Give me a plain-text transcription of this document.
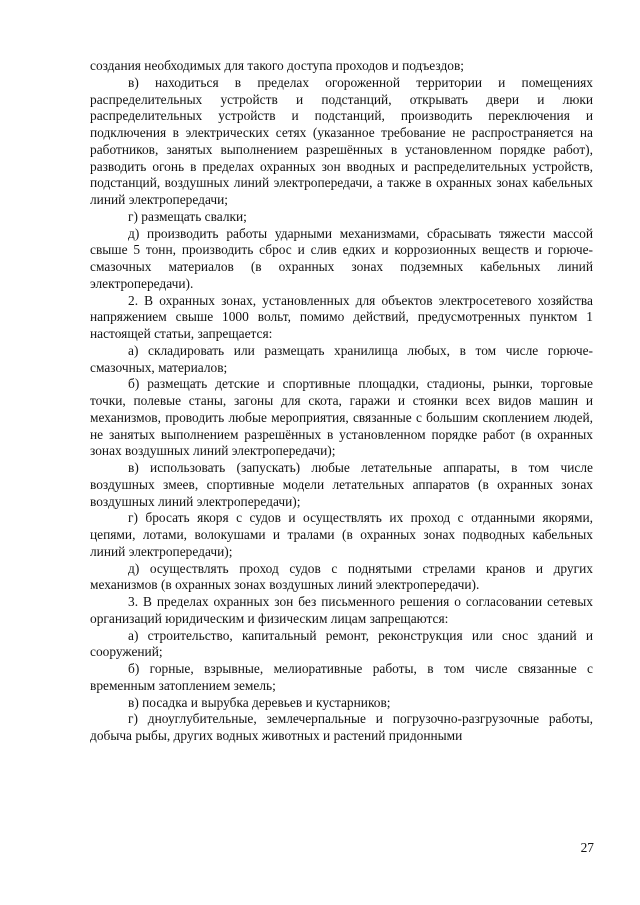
создания необходимых для такого доступа проходов и подъездов;

в) находиться в пределах огороженной территории и помещениях распределительных устройств и подстанций, открывать двери и люки распределительных устройств и подстанций, производить переключения и подключения в электрических сетях (указанное требование не распространяется на работников, занятых выполнением разрешённых в установленном порядке работ), разводить огонь в пределах охранных зон вводных и распределительных устройств, подстанций, воздушных линий электропередачи, а также в охранных зонах кабельных линий электропередачи;

г) размещать свалки;

д) производить работы ударными механизмами, сбрасывать тяжести массой свыше 5 тонн, производить сброс и слив едких и коррозионных веществ и горюче-смазочных материалов (в охранных зонах подземных кабельных линий электропередачи).

2. В охранных зонах, установленных для объектов электросетевого хозяйства напряжением свыше 1000 вольт, помимо действий, предусмотренных пунктом 1 настоящей статьи, запрещается:

а) складировать или размещать хранилища любых, в том числе горюче-смазочных, материалов;

б) размещать детские и спортивные площадки, стадионы, рынки, торговые точки, полевые станы, загоны для скота, гаражи и стоянки всех видов машин и механизмов, проводить любые мероприятия, связанные с большим скоплением людей, не занятых выполнением разрешённых в установленном порядке работ (в охранных зонах воздушных линий электропередачи);

в) использовать (запускать) любые летательные аппараты, в том числе воздушных змеев, спортивные модели летательных аппаратов (в охранных зонах воздушных линий электропередачи);

г) бросать якоря с судов и осуществлять их проход с отданными якорями, цепями, лотами, волокушами и тралами (в охранных зонах подводных кабельных линий электропередачи);

д) осуществлять проход судов с поднятыми стрелами кранов и других механизмов (в охранных зонах воздушных линий электропередачи).

3. В пределах охранных зон без письменного решения о согласовании сетевых организаций юридическим и физическим лицам запрещаются:

а) строительство, капитальный ремонт, реконструкция или снос зданий и сооружений;

б) горные, взрывные, мелиоративные работы, в том числе связанные с временным затоплением земель;

в) посадка и вырубка деревьев и кустарников;

г) дноуглубительные, землечерпальные и погрузочно-разгрузочные работы, добыча рыбы, других водных животных и растений придонными

27
